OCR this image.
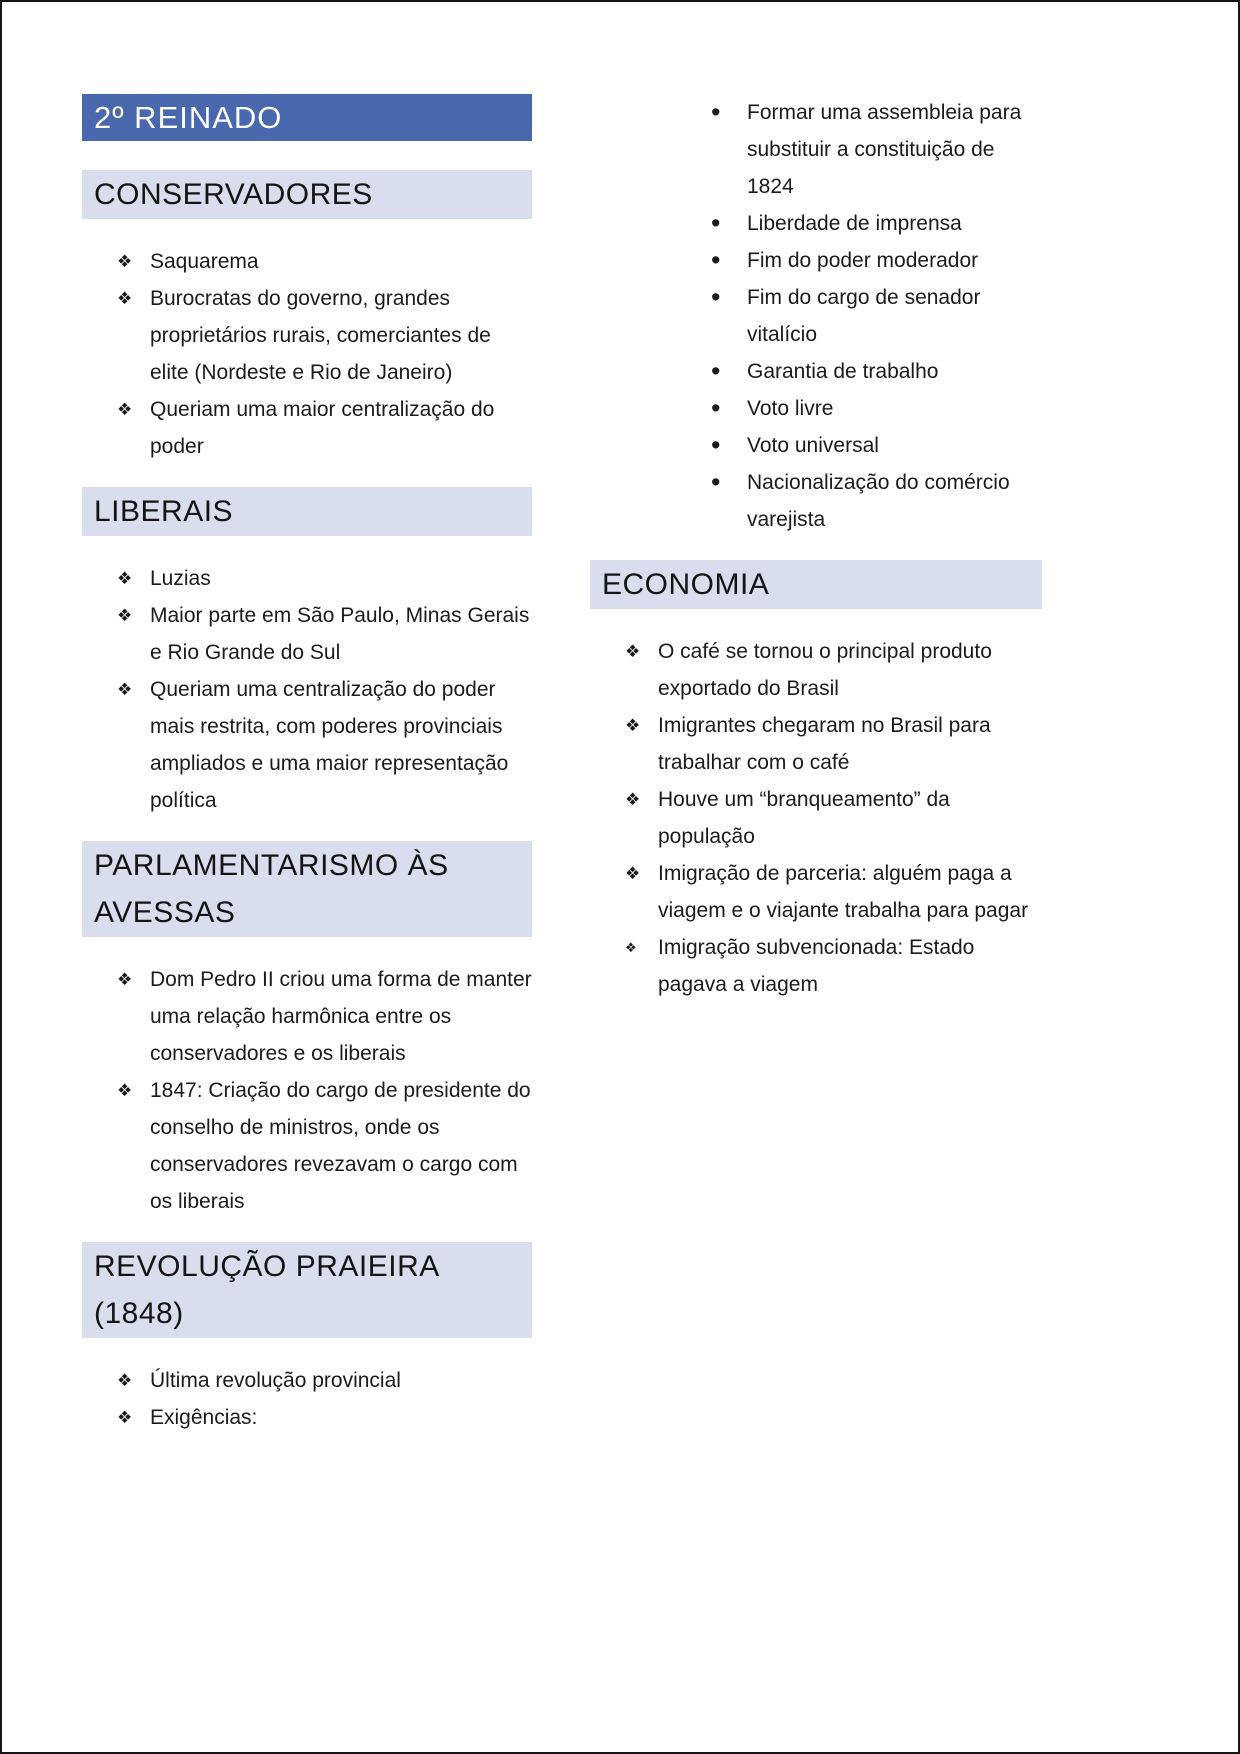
2º REINADO
CONSERVADORES
❖ Saquarema
❖ Burocratas do governo, grandes proprietários rurais, comerciantes de elite (Nordeste e Rio de Janeiro)
❖ Queriam uma maior centralização do poder
LIBERAIS
❖ Luzias
❖ Maior parte em São Paulo, Minas Gerais e Rio Grande do Sul
❖ Queriam uma centralização do poder mais restrita, com poderes provinciais ampliados e uma maior representação política
PARLAMENTARISMO ÀS AVESSAS
❖ Dom Pedro II criou uma forma de manter uma relação harmônica entre os conservadores e os liberais
❖ 1847: Criação do cargo de presidente do conselho de ministros, onde os conservadores revezavam o cargo com os liberais
REVOLUÇÃO PRAIEIRA (1848)
❖ Última revolução provincial
❖ Exigências:
• Formar uma assembleia para substituir a constituição de 1824
• Liberdade de imprensa
• Fim do poder moderador
• Fim do cargo de senador vitalício
• Garantia de trabalho
• Voto livre
• Voto universal
• Nacionalização do comércio varejista
ECONOMIA
❖ O café se tornou o principal produto exportado do Brasil
❖ Imigrantes chegaram no Brasil para trabalhar com o café
❖ Houve um “branqueamento” da população
❖ Imigração de parceria: alguém paga a viagem e o viajante trabalha para pagar
❖ Imigração subvencionada: Estado pagava a viagem
